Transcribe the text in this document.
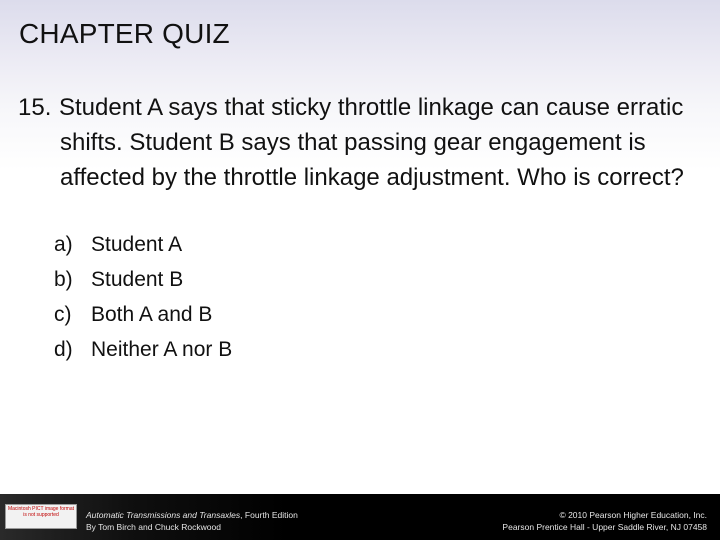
CHAPTER QUIZ
15. Student A says that sticky throttle linkage can cause erratic shifts. Student B says that passing gear engagement is affected by the throttle linkage adjustment. Who is correct?
a) Student A
b) Student B
c) Both A and B
d) Neither A nor B
Macintosh PICT image format is not supported	Automatic Transmissions and Transaxles, Fourth Edition
By Tom Birch and Chuck Rockwood
© 2010 Pearson Higher Education, Inc.
Pearson Prentice Hall - Upper Saddle River, NJ 07458
